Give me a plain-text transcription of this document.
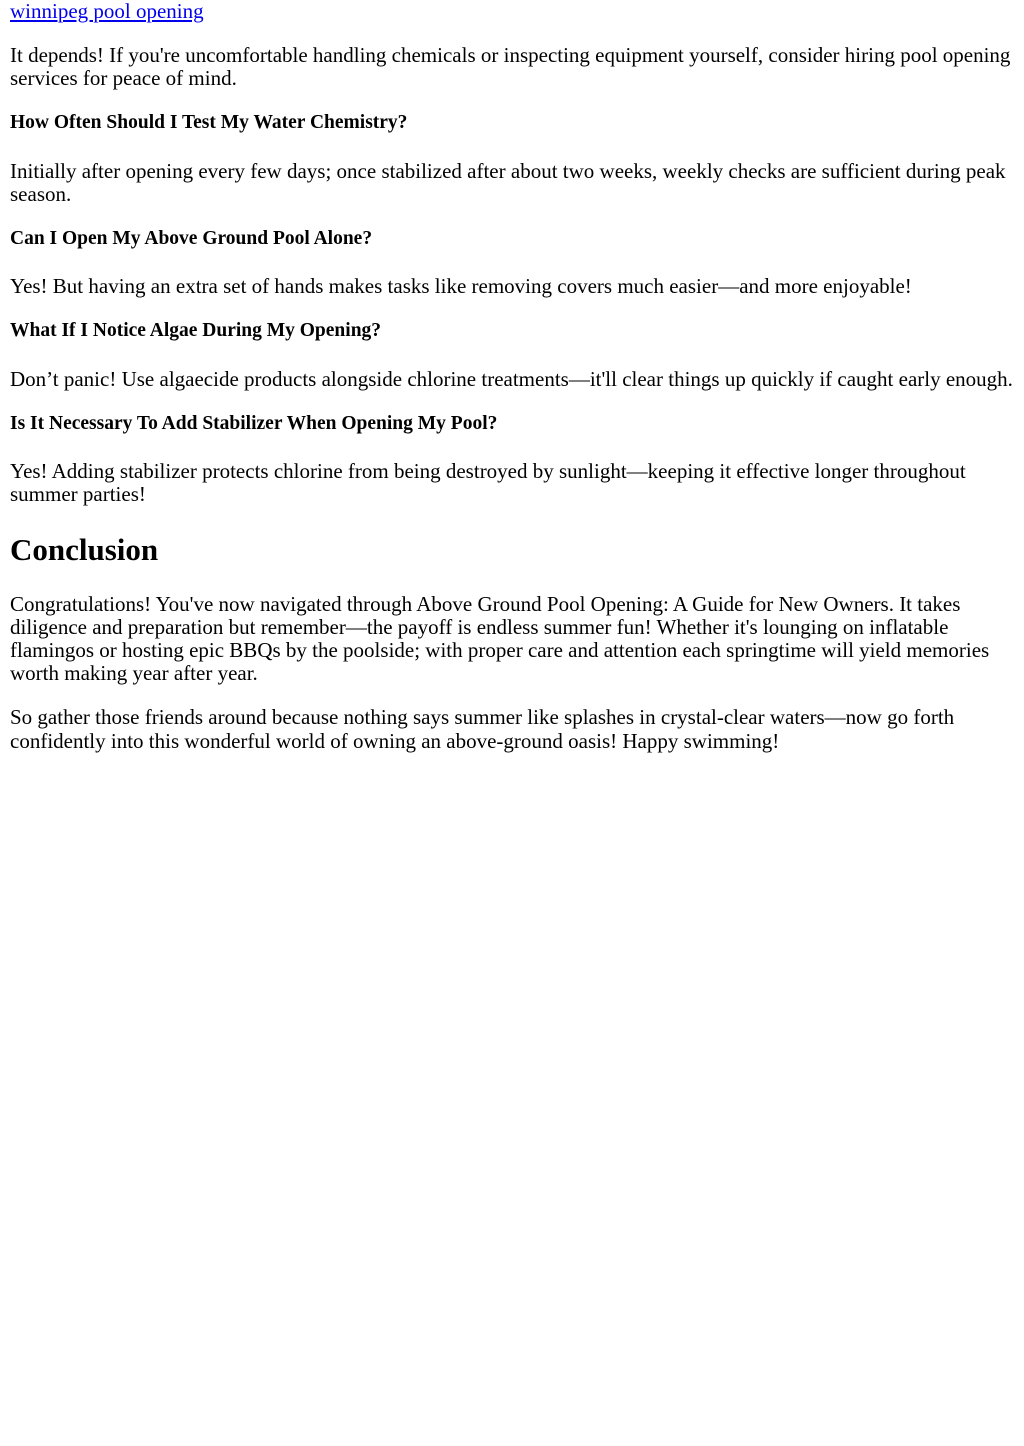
winnipeg pool opening

It depends! If you're uncomfortable handling chemicals or inspecting equipment yourself, consider hiring pool opening services for peace of mind.

How Often Should I Test My Water Chemistry?

Initially after opening every few days; once stabilized after about two weeks, weekly checks are sufficient during peak season.

Can I Open My Above Ground Pool Alone?

Yes! But having an extra set of hands makes tasks like removing covers much easier—and more enjoyable!

What If I Notice Algae During My Opening?

Don’t panic! Use algaecide products alongside chlorine treatments—it'll clear things up quickly if caught early enough.

Is It Necessary To Add Stabilizer When Opening My Pool?

Yes! Adding stabilizer protects chlorine from being destroyed by sunlight—keeping it effective longer throughout summer parties!

Conclusion

Congratulations! You've now navigated through Above Ground Pool Opening: A Guide for New Owners. It takes diligence and preparation but remember—the payoff is endless summer fun! Whether it's lounging on inflatable flamingos or hosting epic BBQs by the poolside; with proper care and attention each springtime will yield memories worth making year after year.

So gather those friends around because nothing says summer like splashes in crystal-clear waters—now go forth confidently into this wonderful world of owning an above-ground oasis! Happy swimming!
